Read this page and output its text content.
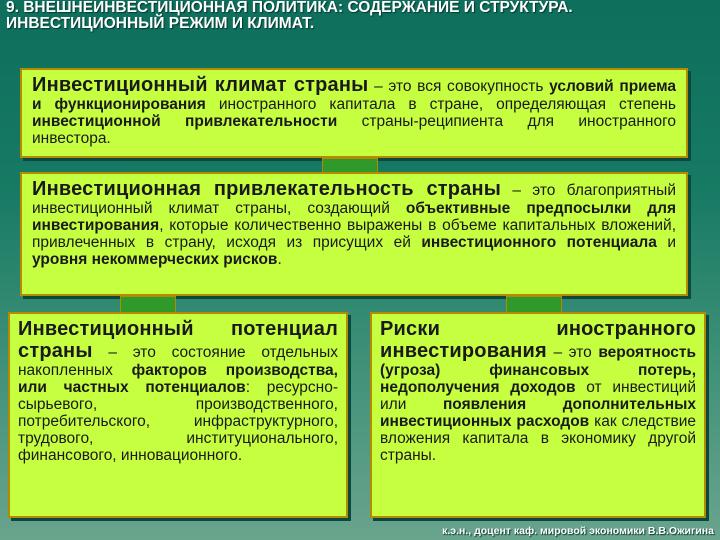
9. ВНЕШНЕИНВЕСТИЦИОННАЯ ПОЛИТИКА: СОДЕРЖАНИЕ И СТРУКТУРА.
ИНВЕСТИЦИОННЫЙ РЕЖИМ И КЛИМАТ.
Инвестиционный климат страны – это вся совокупность условий приема и функционирования иностранного капитала в стране, определяющая степень инвестиционной привлекательности страны-реципиента для иностранного инвестора.
Инвестиционная привлекательность страны – это благоприятный инвестиционный климат страны, создающий объективные предпосылки для инвестирования, которые количественно выражены в объеме капитальных вложений, привлеченных в страну, исходя из присущих ей инвестиционного потенциала и уровня некоммерческих рисков.
Инвестиционный потенциал страны – это состояние отдельных накопленных факторов производства, или частных потенциалов: ресурсно-сырьевого, производственного, потребительского, инфраструктурного, трудового, институционального, финансового, инновационного.
Риски иностранного инвестирования – это вероятность (угроза) финансовых потерь, недополучения доходов от инвестиций или появления дополнительных инвестиционных расходов как следствие вложения капитала в экономику другой страны.
к.э.н., доцент каф. мировой экономики В.В.Ожигина
